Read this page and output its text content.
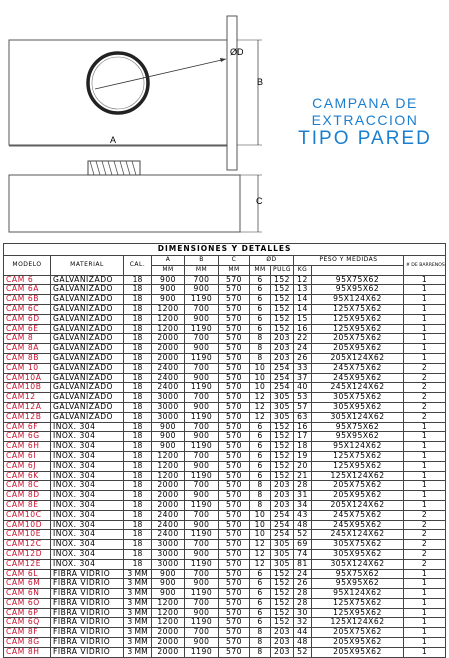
ØD
B
A
C
CAMPANA DE
EXTRACCION
TIPO PARED
DIMENSIONES Y DETALLES										
MODELO	MATERIAL	CAL.	A	B	C	ØD		PESO Y MEDIDAS		# DE BARRENOS
			MM	MM	MM	MM	PULG	KG		
CAM 6	GALVANIZADO	18	900	700	570	6	152	12	95X75X62	1
CAM 6A	GALVANIZADO	18	900	900	570	6	152	13	95X95X62	1
CAM 6B	GALVANIZADO	18	900	1190	570	6	152	14	95X124X62	1
CAM 6C	GALVANIZADO	18	1200	700	570	6	152	14	125X75X62	1
CAM 6D	GALVANIZADO	18	1200	900	570	6	152	15	125X95X62	1
CAM 6E	GALVANIZADO	18	1200	1190	570	6	152	16	125X95X62	1
CAM 8	GALVANIZADO	18	2000	700	570	8	203	22	205X75X62	1
CAM 8A	GALVANIZADO	18	2000	900	570	8	203	24	205X95X62	1
CAM 8B	GALVANIZADO	18	2000	1190	570	8	203	26	205X124X62	1
CAM 10	GALVANIZADO	18	2400	700	570	10	254	33	245X75X62	2
CAM10A	GALVANIZADO	18	2400	900	570	10	254	37	245X95X62	2
CAM10B	GALVANIZADO	18	2400	1190	570	10	254	40	245X124X62	2
CAM12	GALVANIZADO	18	3000	700	570	12	305	53	305X75X62	2
CAM12A	GALVANIZADO	18	3000	900	570	12	305	57	305X95X62	2
CAM12B	GALVANIZADO	18	3000	1190	570	12	305	63	305X124X62	2
CAM 6F	INOX. 304	18	900	700	570	6	152	16	95X75X62	1
CAM 6G	INOX. 304	18	900	900	570	6	152	17	95X95X62	1
CAM 6H	INOX. 304	18	900	1190	570	6	152	18	95X124X62	1
CAM 6I	INOX. 304	18	1200	700	570	6	152	19	125X75X62	1
CAM 6J	INOX. 304	18	1200	900	570	6	152	20	125X95X62	1
CAM 6K	INOX. 304	18	1200	1190	570	6	152	21	125X124X62	1
CAM 8C	INOX. 304	18	2000	700	570	8	203	28	205X75X62	1
CAM 8D	INOX. 304	18	2000	900	570	8	203	31	205X95X62	1
CAM 8E	INOX. 304	18	2000	1190	570	8	203	34	205X124X62	1
CAM10C	INOX. 304	18	2400	700	570	10	254	43	245X75X62	2
CAM10D	INOX. 304	18	2400	900	570	10	254	48	245X95X62	2
CAM10E	INOX. 304	18	2400	1190	570	10	254	52	245X124X62	2
CAM12C	INOX. 304	18	3000	700	570	12	305	69	305X75X62	2
CAM12D	INOX. 304	18	3000	900	570	12	305	74	305X95X62	2
CAM12E	INOX. 304	18	3000	1190	570	12	305	81	305X124X62	2
CAM 6L	FIBRA VIDRIO	3 MM	900	700	570	6	152	24	95X75X62	1
CAM 6M	FIBRA VIDRIO	3 MM	900	900	570	6	152	26	95X95X62	1
CAM 6N	FIBRA VIDRIO	3 MM	900	1190	570	6	152	28	95X124X62	1
CAM 6O	FIBRA VIDRIO	3 MM	1200	700	570	6	152	28	125X75X62	1
CAM 6P	FIBRA VIDRIO	3 MM	1200	900	570	6	152	30	125X95X62	1
CAM 6Q	FIBRA VIDRIO	3 MM	1200	1190	570	6	152	32	125X124X62	1
CAM 8F	FIBRA VIDRIO	3 MM	2000	700	570	8	203	44	205X75X62	1
CAM 8G	FIBRA VIDRIO	3 MM	2000	900	570	8	203	48	205X95X62	1
CAM 8H	FIBRA VIDRIO	3 MM	2000	1190	570	8	203	52	205X95X62	1
